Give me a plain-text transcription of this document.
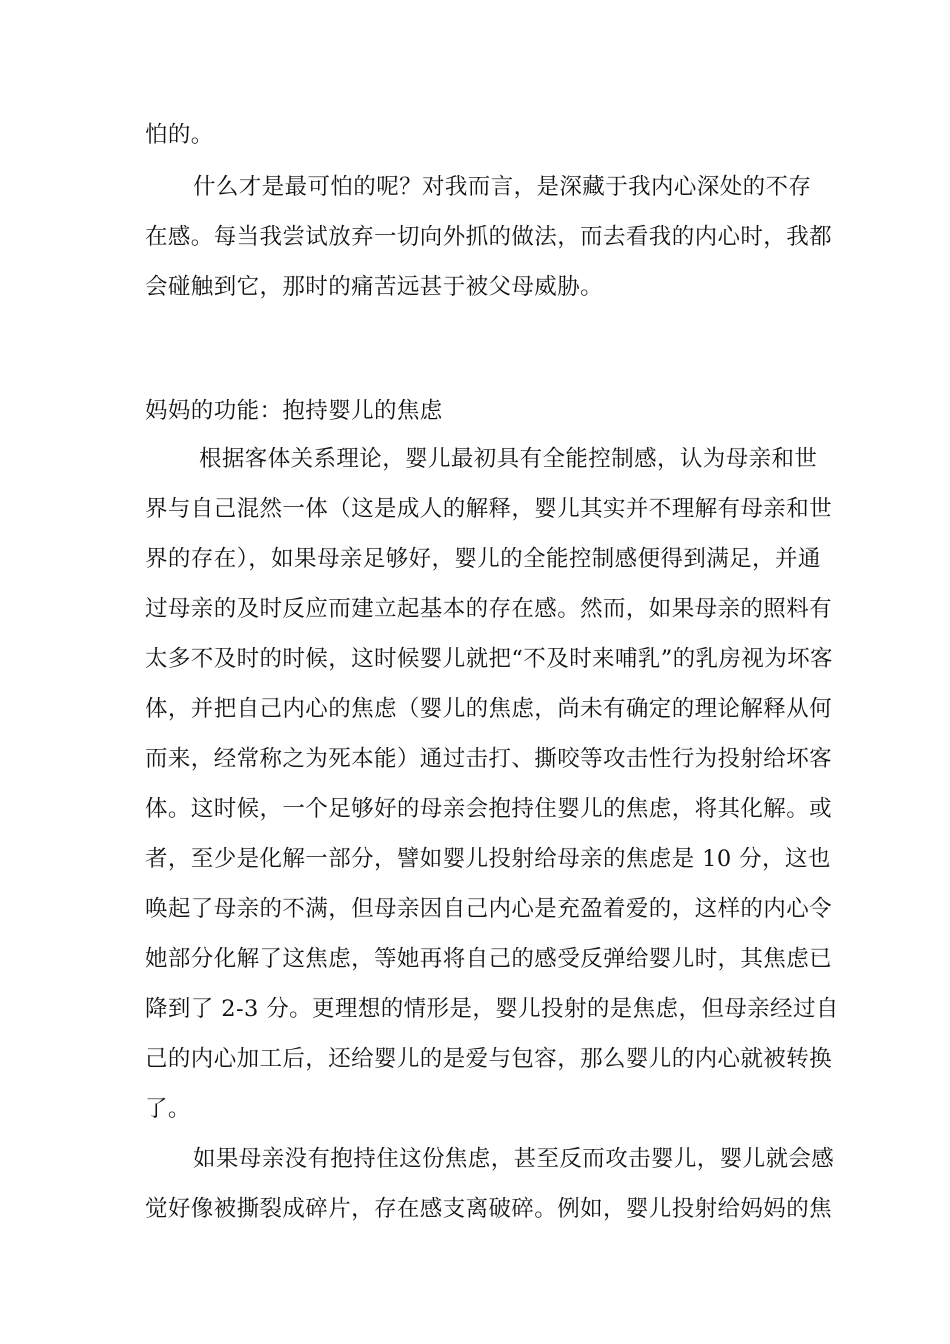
怕的。
什么才是最可怕的呢？对我而言，是深藏于我内心深处的不存
在感。每当我尝试放弃一切向外抓的做法，而去看我的内心时，我都
会碰触到它，那时的痛苦远甚于被父母威胁。
妈妈的功能：抱持婴儿的焦虑
根据客体关系理论，婴儿最初具有全能控制感，认为母亲和世
界与自己混然一体（这是成人的解释，婴儿其实并不理解有母亲和世
界的存在），如果母亲足够好，婴儿的全能控制感便得到满足，并通
过母亲的及时反应而建立起基本的存在感。然而，如果母亲的照料有
太多不及时的时候，这时候婴儿就把“不及时来哺乳”的乳房视为坏客
体，并把自己内心的焦虑（婴儿的焦虑，尚未有确定的理论解释从何
而来，经常称之为死本能）通过击打、撕咬等攻击性行为投射给坏客
体。这时候，一个足够好的母亲会抱持住婴儿的焦虑，将其化解。或
者，至少是化解一部分，譬如婴儿投射给母亲的焦虑是 10 分，这也
唤起了母亲的不满，但母亲因自己内心是充盈着爱的，这样的内心令
她部分化解了这焦虑，等她再将自己的感受反弹给婴儿时，其焦虑已
降到了 2-3 分。更理想的情形是，婴儿投射的是焦虑，但母亲经过自
己的内心加工后，还给婴儿的是爱与包容，那么婴儿的内心就被转换
了。
如果母亲没有抱持住这份焦虑，甚至反而攻击婴儿，婴儿就会感
觉好像被撕裂成碎片，存在感支离破碎。例如，婴儿投射给妈妈的焦
